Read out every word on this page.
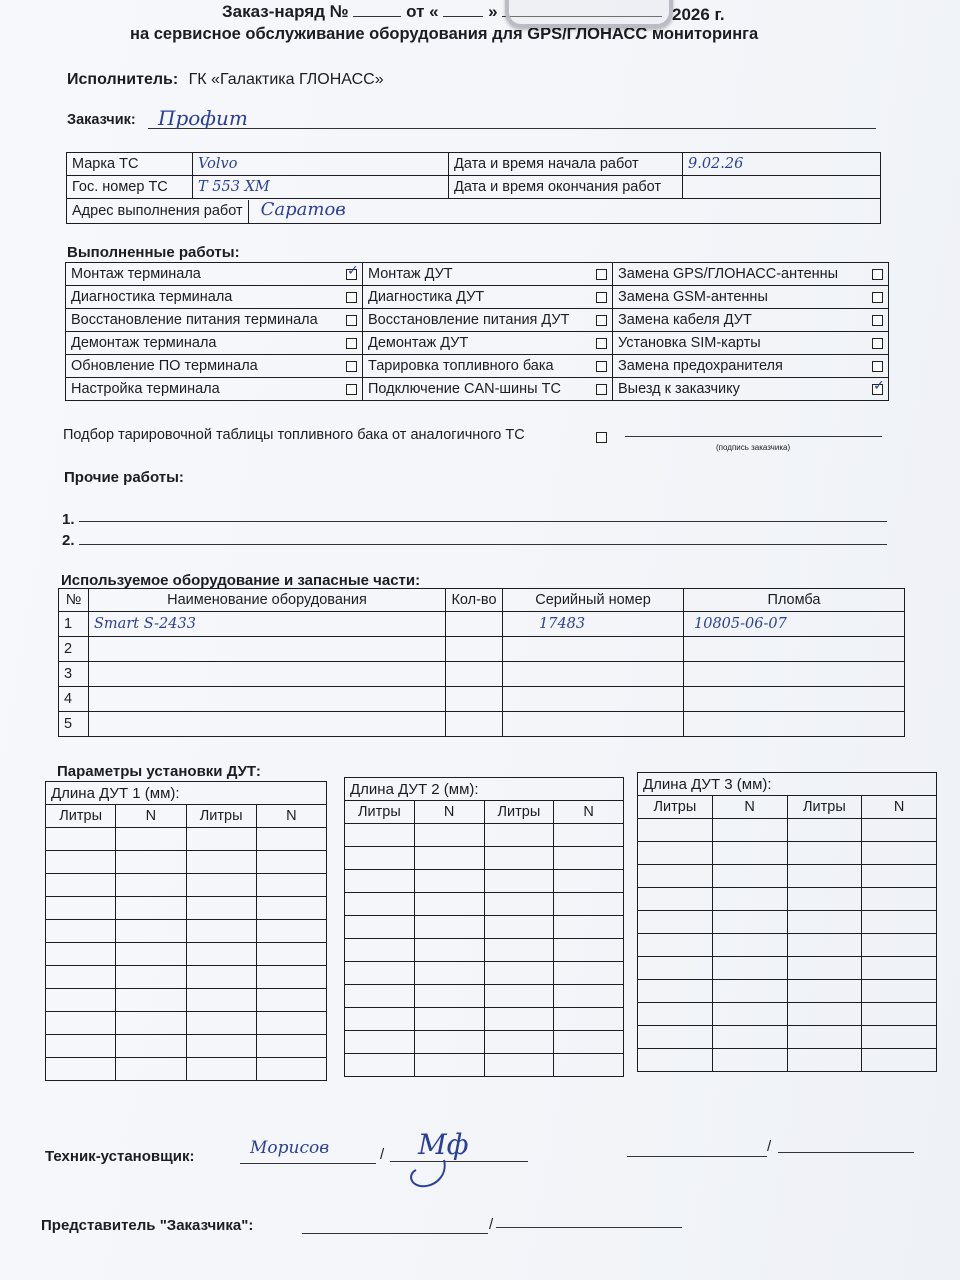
Заказ-наряд №	от «	»	2026 г.
на сервисное обслуживание оборудования для GPS/ГЛОНАСС мониторинга
Исполнитель: ГК «Галактика ГЛОНАСС»
Заказчик: Профит
Марка ТС	Volvo	Дата и время начала работ	9.02.26
Гос. номер ТС	Т 553 ХМ	Дата и время окончания работ	
Адрес выполнения работ Саратов			
Выполненные работы:
Монтаж терминала	✓	Монтаж ДУТ		Замена GPS/ГЛОНАСС-антенны	
Диагностика терминала		Диагностика ДУТ		Замена GSM-антенны	
Восстановление питания терминала		Восстановление питания ДУТ		Замена кабеля ДУТ	
Демонтаж терминала		Демонтаж ДУТ		Установка SIM-карты	
Обновление ПО терминала		Тарировка топливного бака		Замена предохранителя	
Настройка терминала		Подключение CAN-шины ТС		Выезд к заказчику	✓
Подбор тарировочной таблицы топливного бака от аналогичного ТС
(подпись заказчика)
Прочие работы:
1.
2.
Используемое оборудование и запасные части:
№	Наименование оборудования	Кол-во	Серийный номер	Пломба
1	Smart S-2433		17483	10805-06-07
2				
3				
4				
5				
Параметры установки ДУТ:
Длина ДУТ 1 (мм):			
Литры	N	Литры	N

Длина ДУТ 2 (мм):			
Литры	N	Литры	N

Длина ДУТ 3 (мм):			
Литры	N	Литры	N

Техник-установщик:	Морисов	/ Мф	/
Представитель "Заказчика":	/
